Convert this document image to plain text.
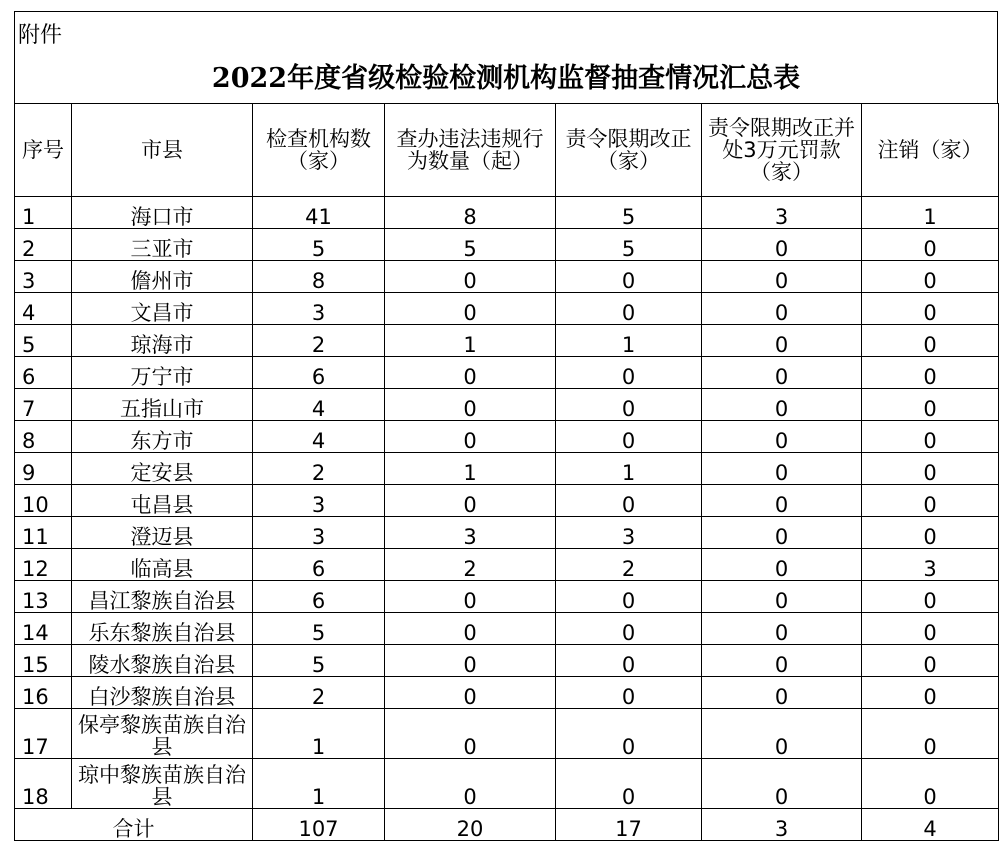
附件
2022年度省级检验检测机构监督抽查情况汇总表
序号	市县	检查机构数（家）	查办违法违规行为数量（起）	责令限期改正（家）	责令限期改正并处3万元罚款（家）	注销（家）

1	海口市	41	8	5	3	1
2	三亚市	5	5	5	0	0
3	儋州市	8	0	0	0	0
4	文昌市	3	0	0	0	0
5	琼海市	2	1	1	0	0
6	万宁市	6	0	0	0	0
7	五指山市	4	0	0	0	0
8	东方市	4	0	0	0	0
9	定安县	2	1	1	0	0
10	屯昌县	3	0	0	0	0
11	澄迈县	3	3	3	0	0
12	临高县	6	2	2	0	3
13	昌江黎族自治县	6	0	0	0	0
14	乐东黎族自治县	5	0	0	0	0
15	陵水黎族自治县	5	0	0	0	0
16	白沙黎族自治县	2	0	0	0	0
17	保亭黎族苗族自治县	1	0	0	0	0
18	琼中黎族苗族自治县	1	0	0	0	0
合计		107	20	17	3	4
